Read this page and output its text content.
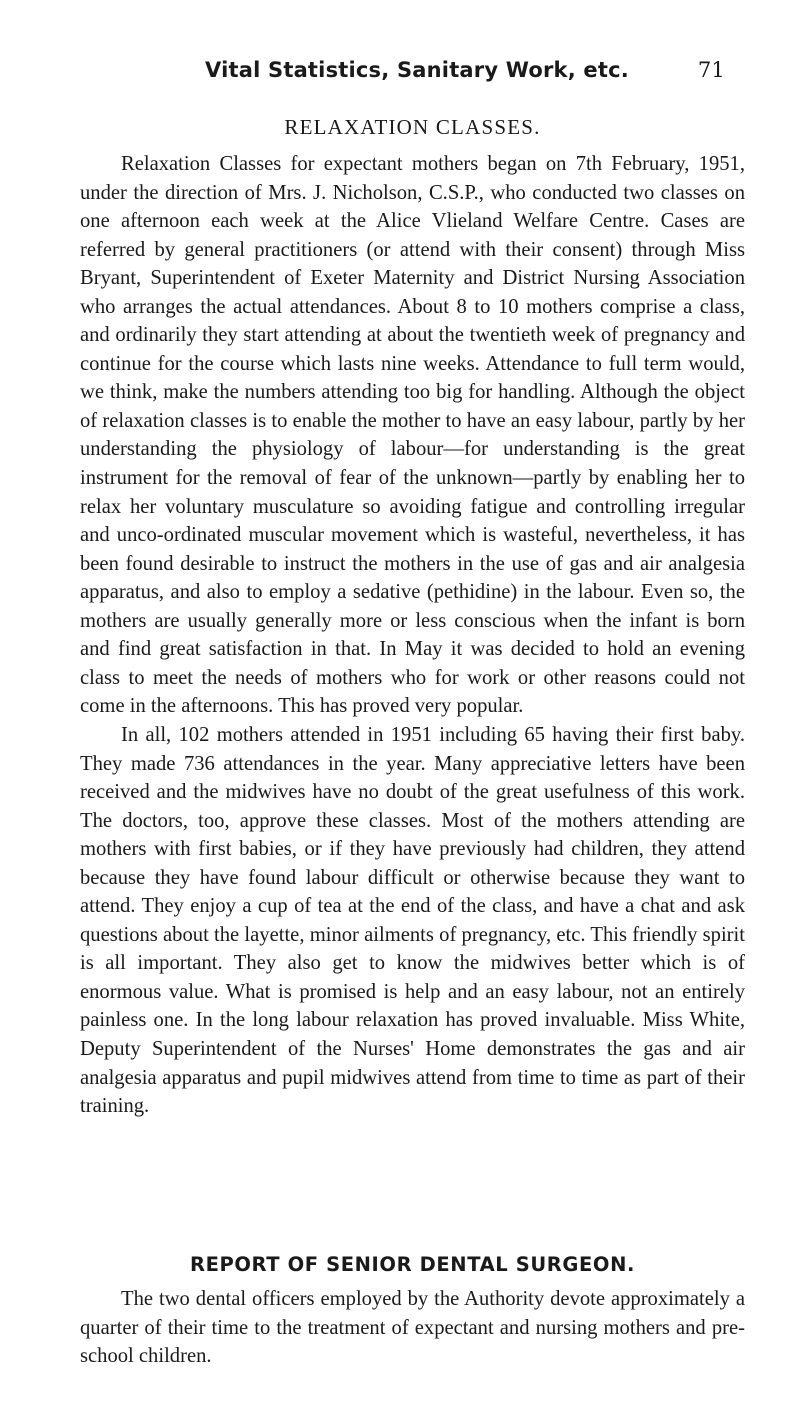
Vital Statistics, Sanitary Work, etc.	71
RELAXATION CLASSES.

Relaxation Classes for expectant mothers began on 7th February, 1951, under the direction of Mrs. J. Nicholson, C.S.P., who conducted two classes on one afternoon each week at the Alice Vlieland Welfare Centre. Cases are referred by general practitioners (or attend with their consent) through Miss Bryant, Superintendent of Exeter Maternity and District Nursing Association who arranges the actual attendances. About 8 to 10 mothers comprise a class, and ordinarily they start attending at about the twentieth week of pregnancy and continue for the course which lasts nine weeks. Attendance to full term would, we think, make the numbers attending too big for handling. Although the object of relaxation classes is to enable the mother to have an easy labour, partly by her understanding the physiology of labour—for understanding is the great instrument for the removal of fear of the unknown—partly by enabling her to relax her voluntary musculature so avoiding fatigue and controlling irregular and unco-ordinated muscular movement which is wasteful, nevertheless, it has been found desirable to instruct the mothers in the use of gas and air analgesia apparatus, and also to employ a sedative (pethidine) in the labour. Even so, the mothers are usually generally more or less conscious when the infant is born and find great satisfaction in that. In May it was decided to hold an evening class to meet the needs of mothers who for work or other reasons could not come in the afternoons. This has proved very popular.

In all, 102 mothers attended in 1951 including 65 having their first baby. They made 736 attendances in the year. Many appreciative letters have been received and the midwives have no doubt of the great usefulness of this work. The doctors, too, approve these classes. Most of the mothers attending are mothers with first babies, or if they have previously had children, they attend because they have found labour difficult or otherwise because they want to attend. They enjoy a cup of tea at the end of the class, and have a chat and ask questions about the layette, minor ailments of pregnancy, etc. This friendly spirit is all important. They also get to know the midwives better which is of enormous value. What is promised is help and an easy labour, not an entirely painless one. In the long labour relaxation has proved invaluable. Miss White, Deputy Superintendent of the Nurses' Home demonstrates the gas and air analgesia apparatus and pupil midwives attend from time to time as part of their training.

REPORT OF SENIOR DENTAL SURGEON.

The two dental officers employed by the Authority devote approximately a quarter of their time to the treatment of expectant and nursing mothers and pre-school children.
